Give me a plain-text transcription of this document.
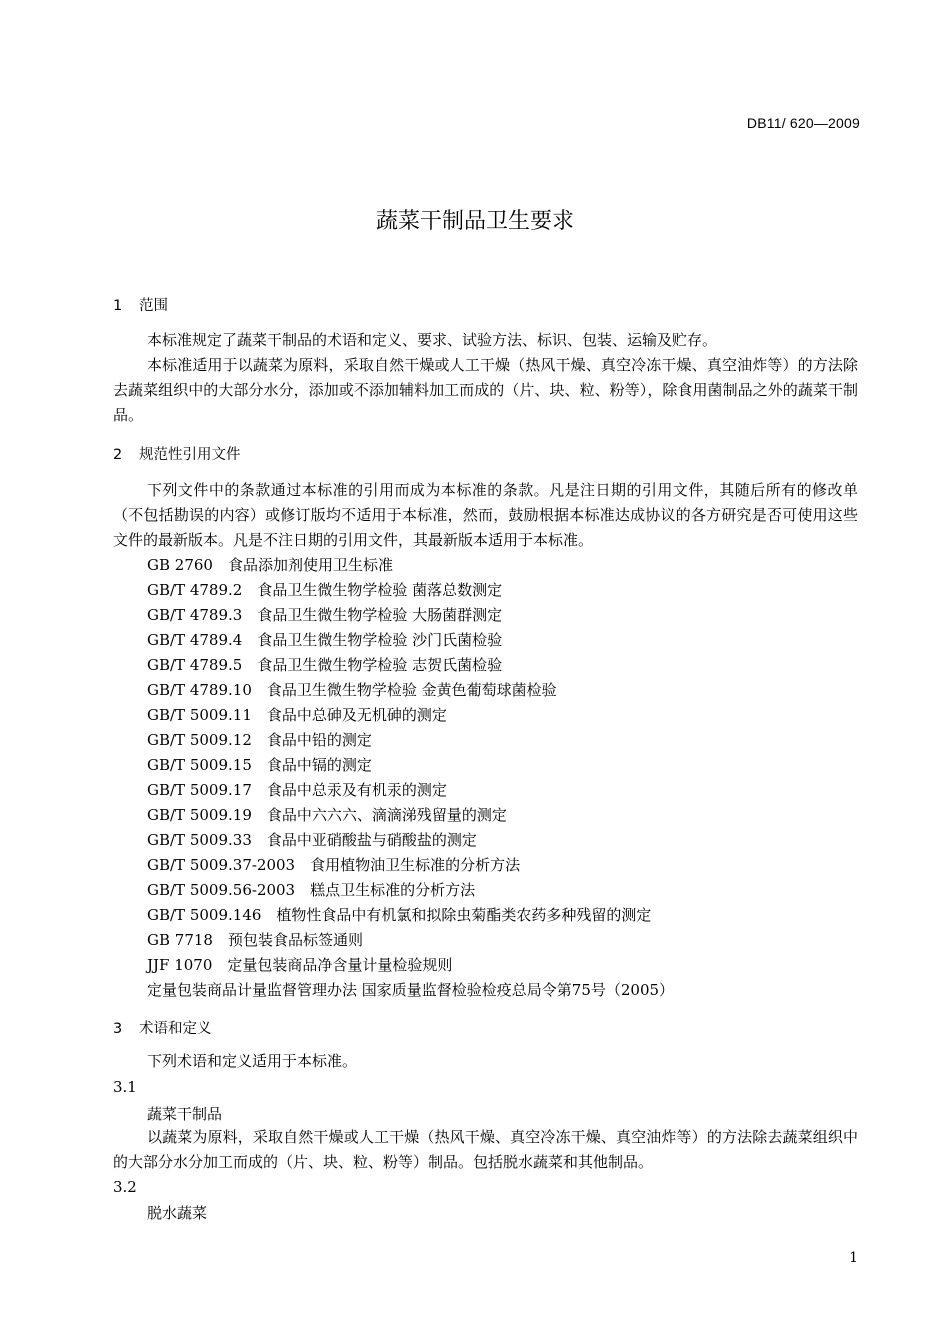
DB11/ 620—2009
蔬菜干制品卫生要求
1 范围

本标准规定了蔬菜干制品的术语和定义、要求、试验方法、标识、包装、运输及贮存。

本标准适用于以蔬菜为原料，采取自然干燥或人工干燥（热风干燥、真空冷冻干燥、真空油炸等）的方法除去蔬菜组织中的大部分水分，添加或不添加辅料加工而成的（片、块、粒、粉等），除食用菌制品之外的蔬菜干制品。

2 规范性引用文件

下列文件中的条款通过本标准的引用而成为本标准的条款。凡是注日期的引用文件，其随后所有的修改单（不包括勘误的内容）或修订版均不适用于本标准，然而，鼓励根据本标准达成协议的各方研究是否可使用这些文件的最新版本。凡是不注日期的引用文件，其最新版本适用于本标准。

GB 2760　食品添加剂使用卫生标准
GB/T 4789.2　食品卫生微生物学检验 菌落总数测定
GB/T 4789.3　食品卫生微生物学检验 大肠菌群测定
GB/T 4789.4　食品卫生微生物学检验 沙门氏菌检验
GB/T 4789.5　食品卫生微生物学检验 志贺氏菌检验
GB/T 4789.10　食品卫生微生物学检验 金黄色葡萄球菌检验
GB/T 5009.11　食品中总砷及无机砷的测定
GB/T 5009.12　食品中铅的测定
GB/T 5009.15　食品中镉的测定
GB/T 5009.17　食品中总汞及有机汞的测定
GB/T 5009.19　食品中六六六、滴滴涕残留量的测定
GB/T 5009.33　食品中亚硝酸盐与硝酸盐的测定
GB/T 5009.37-2003　食用植物油卫生标准的分析方法
GB/T 5009.56-2003　糕点卫生标准的分析方法
GB/T 5009.146　植物性食品中有机氯和拟除虫菊酯类农药多种残留的测定
GB 7718　预包装食品标签通则
JJF 1070　定量包装商品净含量计量检验规则
定量包装商品计量监督管理办法 国家质量监督检验检疫总局令第75号（2005）
3 术语和定义

下列术语和定义适用于本标准。

3.1
蔬菜干制品

以蔬菜为原料，采取自然干燥或人工干燥（热风干燥、真空冷冻干燥、真空油炸等）的方法除去蔬菜组织中的大部分水分加工而成的（片、块、粒、粉等）制品。包括脱水蔬菜和其他制品。

3.2
脱水蔬菜
1
